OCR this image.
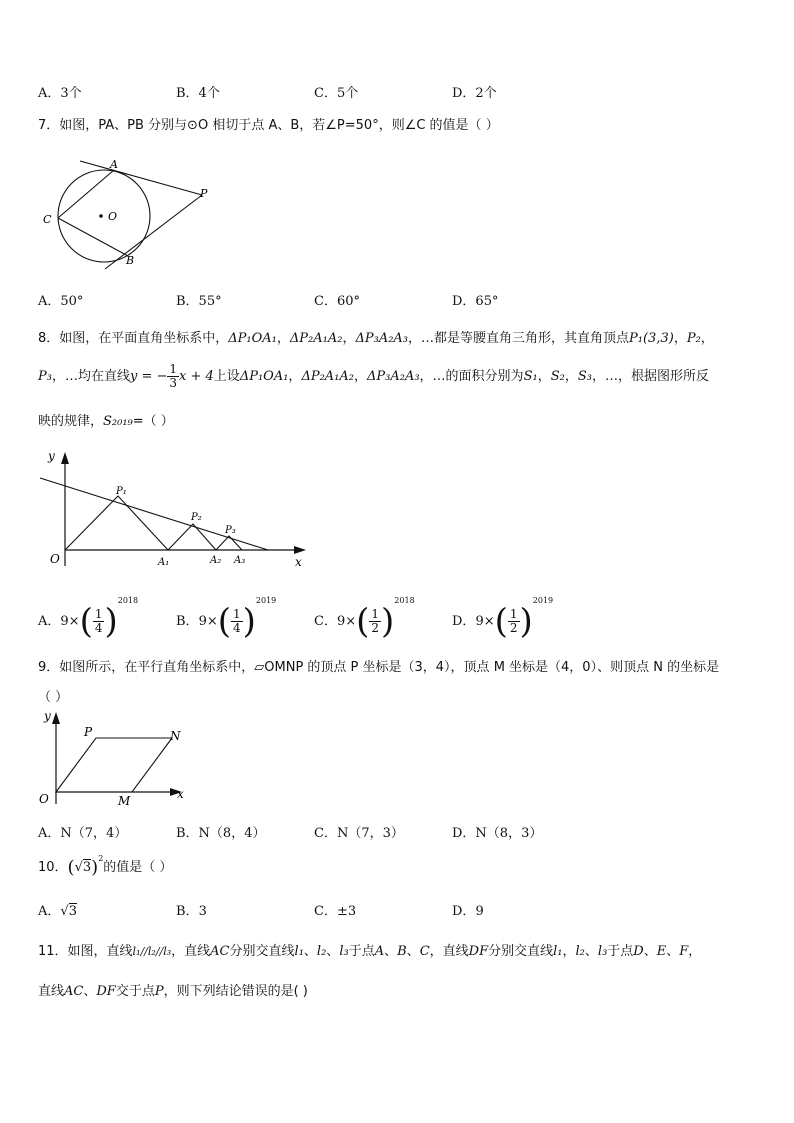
A．3个	B．4个	C．5个	D．2个
7．如图，PA、PB 分别与⊙O 相切于点 A、B，若∠P=50°，则∠C 的值是（ ）
A
B
C	O
P
A．50°	B．55°	C．60°	D．65°
8．如图，在平面直角坐标系中，ΔP₁OA₁，ΔP₂A₁A₂，ΔP₃A₂A₃，…都是等腰直角三角形，其直角顶点P₁(3,3)，P₂，
P₃，…均在直线y = − $\frac{1}{3}$ x + 4上设ΔP₁OA₁，ΔP₂A₁A₂，ΔP₃A₂A₃，…的面积分别为S₁，S₂，S₃，…，根据图形所反
映的规律，S₂₀₁₉=（ ）
y
x
O
P₁
P₂
P₃
A₁	A₂ A₃
A．$9\times( \frac{1}{4} )^{2018}$
B．$9\times( \frac{1}{4} )^{2019}$
C．$9\times( \frac{1}{2} )^{2018}$
D．$9\times( \frac{1}{2} )^{2019}$
9．如图所示，在平行直角坐标系中，▱OMNP 的顶点 P 坐标是（3，4），顶点 M 坐标是（4，0）、则顶点 N 的坐标是
（ ）
y
x
O
P	N
M
A．N（7，4）	B．N（8，4）	C．N（7，3）	D．N（8，3）
10．$(√3)^2$的值是（ ）
A．√3	B．3	C．±3	D．9
11．如图，直线l₁//l₂//l₃，直线AC分别交直线l₁、l₂、l₃于点A、B、C，直线DF分别交直线l₁，l₂、l₃于点D、E、F，
直线AC、DF交于点P，则下列结论错误的是( )
